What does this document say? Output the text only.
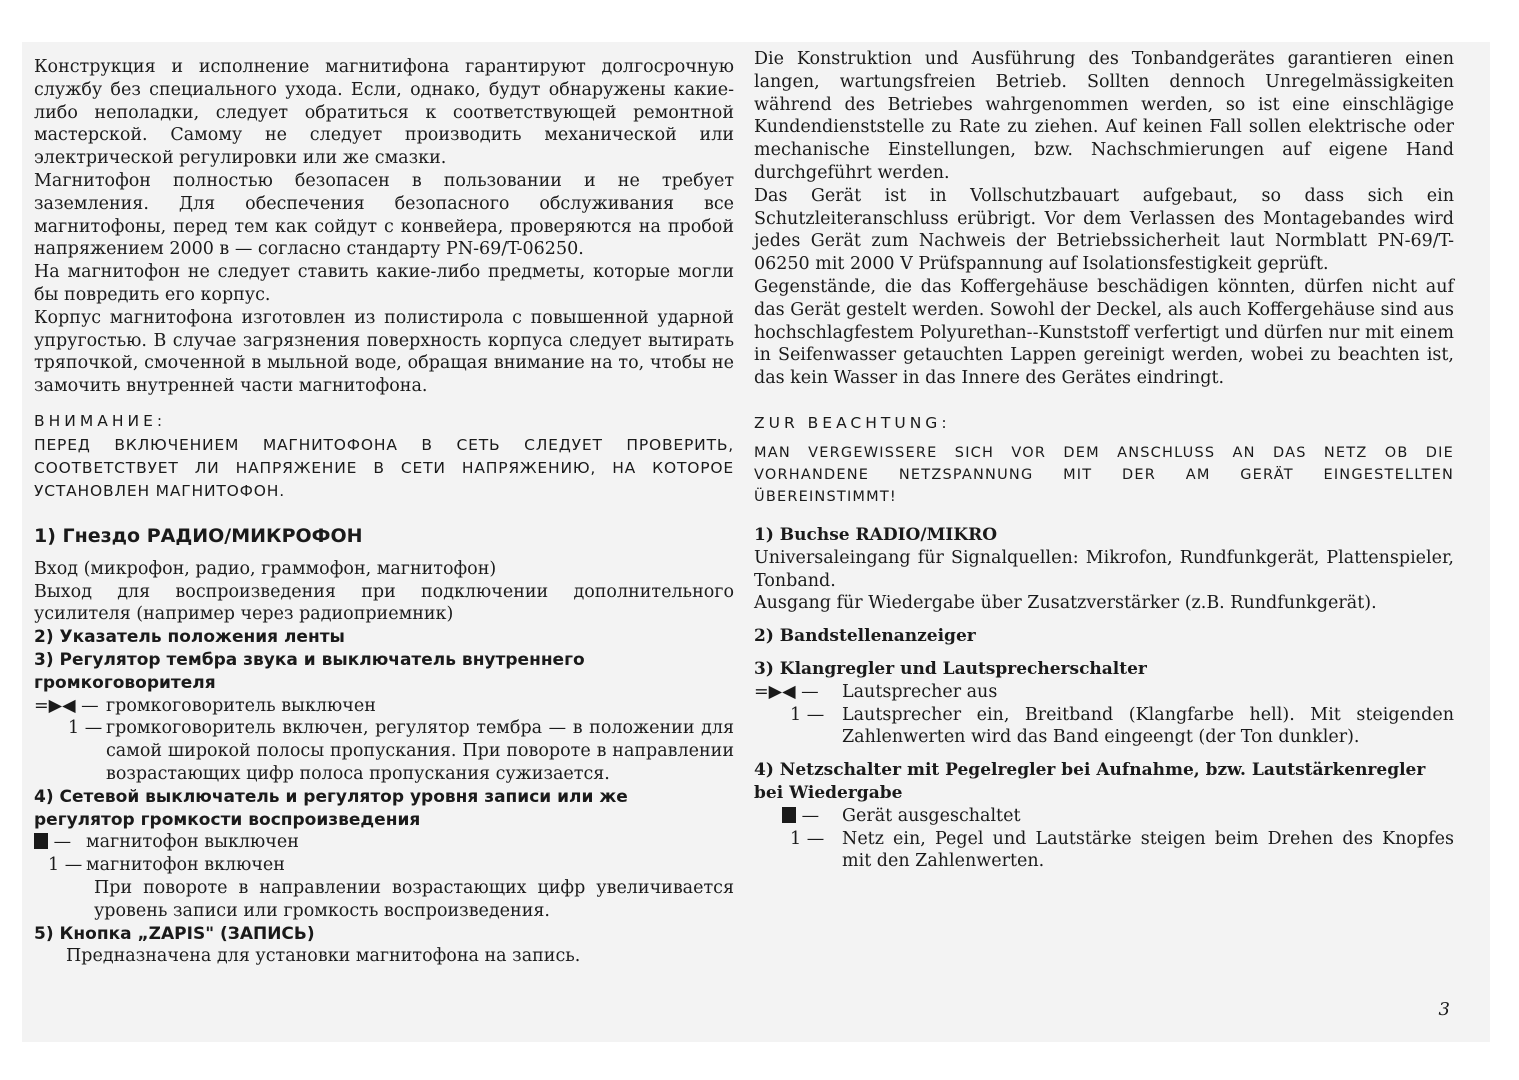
Конструкция и исполнение магнитифона гарантируют долгосрочную службу без специального ухода. Если, однако, будут обнаружены какие-либо неполадки, следует обратиться к соответствующей ремонтной мастерской. Самому не следует производить механической или электрической регулировки или же смазки.

Магнитофон полностью безопасен в пользовании и не требует заземления. Для обеспечения безопасного обслуживания все магнитофоны, перед тем как сойдут с конвейера, проверяются на пробой напряжением 2000 в — согласно стандарту PN-69/T-06250.

На магнитофон не следует ставить какие-либо предметы, которые могли бы повредить его корпус.

Корпус магнитофона изготовлен из полистирола с повышенной ударной упругостью. В случае загрязнения поверхность корпуса следует вытирать тряпочкой, смоченной в мыльной воде, обращая внимание на то, чтобы не замочить внутренней части магнитофона.

ВНИМАНИЕ:

ПЕРЕД ВКЛЮЧЕНИЕМ МАГНИТОФОНА В СЕТЬ СЛЕДУЕТ ПРОВЕРИТЬ, СООТВЕТСТВУЕТ ЛИ НАПРЯЖЕНИЕ В СЕТИ НАПРЯЖЕНИЮ, НА КОТОРОЕ УСТАНОВЛЕН МАГНИТОФОН.

1) Гнездо РАДИО/МИКРОФОН

Вход (микрофон, радио, граммофон, магнитофон)

Выход для воспроизведения при подключении дополнительного усилителя (например через радиоприемник)

2) Указатель положения ленты
3) Регулятор тембра звука и выключатель внутреннего громкоговорителя
=▶◀ — громкоговоритель выключен
1 — громкоговоритель включен, регулятор тембра — в положении для самой широкой полосы пропускания. При повороте в направлении возрастающих цифр полоса пропускания сужизается.
4) Сетевой выключатель и регулятор уровня записи или же регулятор громкости воспроизведения
— магнитофон выключен
1 — магнитофон включен
При повороте в направлении возрастающих цифр увеличивается уровень записи или громкость воспроизведения.
5) Кнопка „ZAPIS" (ЗАПИСЬ)
Предназначена для установки магнитофона на запись.

Die Konstruktion und Ausführung des Tonbandgerätes garantieren einen langen, wartungsfreien Betrieb. Sollten dennoch Unregelmässigkeiten während des Betriebes wahrgenommen werden, so ist eine einschlägige Kundendienststelle zu Rate zu ziehen. Auf keinen Fall sollen elektrische oder mechanische Einstellungen, bzw. Nachschmierungen auf eigene Hand durchgeführt werden.

Das Gerät ist in Vollschutzbauart aufgebaut, so dass sich ein Schutzleiteranschluss erübrigt. Vor dem Verlassen des Montagebandes wird jedes Gerät zum Nachweis der Betriebssicherheit laut Normblatt PN-69/T-06250 mit 2000 V Prüfspannung auf Isolationsfestigkeit geprüft.

Gegenstände, die das Koffergehäuse beschädigen könnten, dürfen nicht auf das Gerät gestelt werden. Sowohl der Deckel, als auch Koffergehäuse sind aus hochschlagfestem Polyurethan--Kunststoff verfertigt und dürfen nur mit einem in Seifenwasser getauchten Lappen gereinigt werden, wobei zu beachten ist, das kein Wasser in das Innere des Gerätes eindringt.

ZUR BEACHTUNG:

MAN VERGEWISSERE SICH VOR DEM ANSCHLUSS AN DAS NETZ OB DIE VORHANDENE NETZSPANNUNG MIT DER AM GERÄT EINGESTELLTEN ÜBEREINSTIMMT!

1) Buchse RADIO/MIKRO

Universaleingang für Signalquellen: Mikrofon, Rundfunkgerät, Plattenspieler, Tonband.

Ausgang für Wiedergabe über Zusatzverstärker (z.B. Rundfunkgerät).

2) Bandstellenanzeiger
3) Klangregler und Lautsprecherschalter
=▶◀ —	Lautsprecher aus
1 —	Lautsprecher ein, Breitband (Klangfarbe hell). Mit steigenden Zahlenwerten wird das Band eingeengt (der Ton dunkler).
4) Netzschalter mit Pegelregler bei Aufnahme, bzw. Lautstärkenregler bei Wiedergabe
—	Gerät ausgeschaltet
1 —	Netz ein, Pegel und Lautstärke steigen beim Drehen des Knopfes mit den Zahlenwerten.
3
